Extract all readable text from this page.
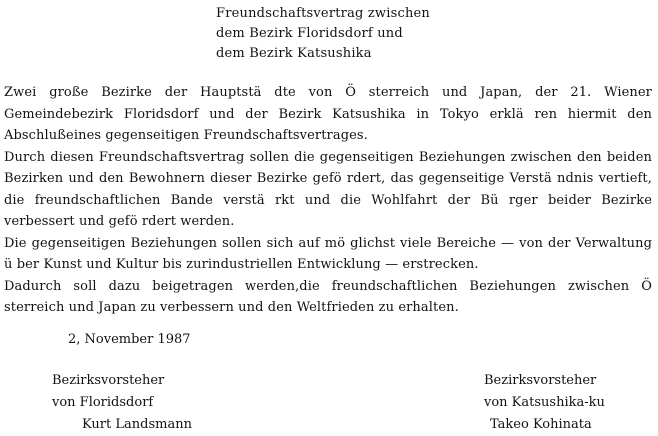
Freundschaftsvertrag zwischen
dem Bezirk Floridsdorf und
dem Bezirk Katsushika

Zwei große Bezirke der Hauptstä dte von Ö sterreich und Japan, der 21. Wiener Gemeindebezirk Floridsdorf und der Bezirk Katsushika in Tokyo erklä ren hiermit den Abschlußeines gegenseitigen Freundschaftsvertrages.

Durch diesen Freundschaftsvertrag sollen die gegenseitigen Beziehungen zwischen den beiden Bezirken und den Bewohnern dieser Bezirke gefö rdert, das gegenseitige Verstä ndnis vertieft, die freundschaftlichen Bande verstä rkt und die Wohlfahrt der Bü rger beider Bezirke verbessert und gefö rdert werden.

Die gegenseitigen Beziehungen sollen sich auf mö glichst viele Bereiche — von der Verwaltung ü ber Kunst und Kultur bis zurindustriellen Entwicklung — erstrecken.

Dadurch soll dazu beigetragen werden,die freundschaftlichen Beziehungen zwischen Ö sterreich und Japan zu verbessern und den Weltfrieden zu erhalten.

2, November 1987
Bezirksvorsteher
von Floridsdorf
Kurt Landsmann
Bezirksvorsteher
von Katsushika-ku
Takeo Kohinata
